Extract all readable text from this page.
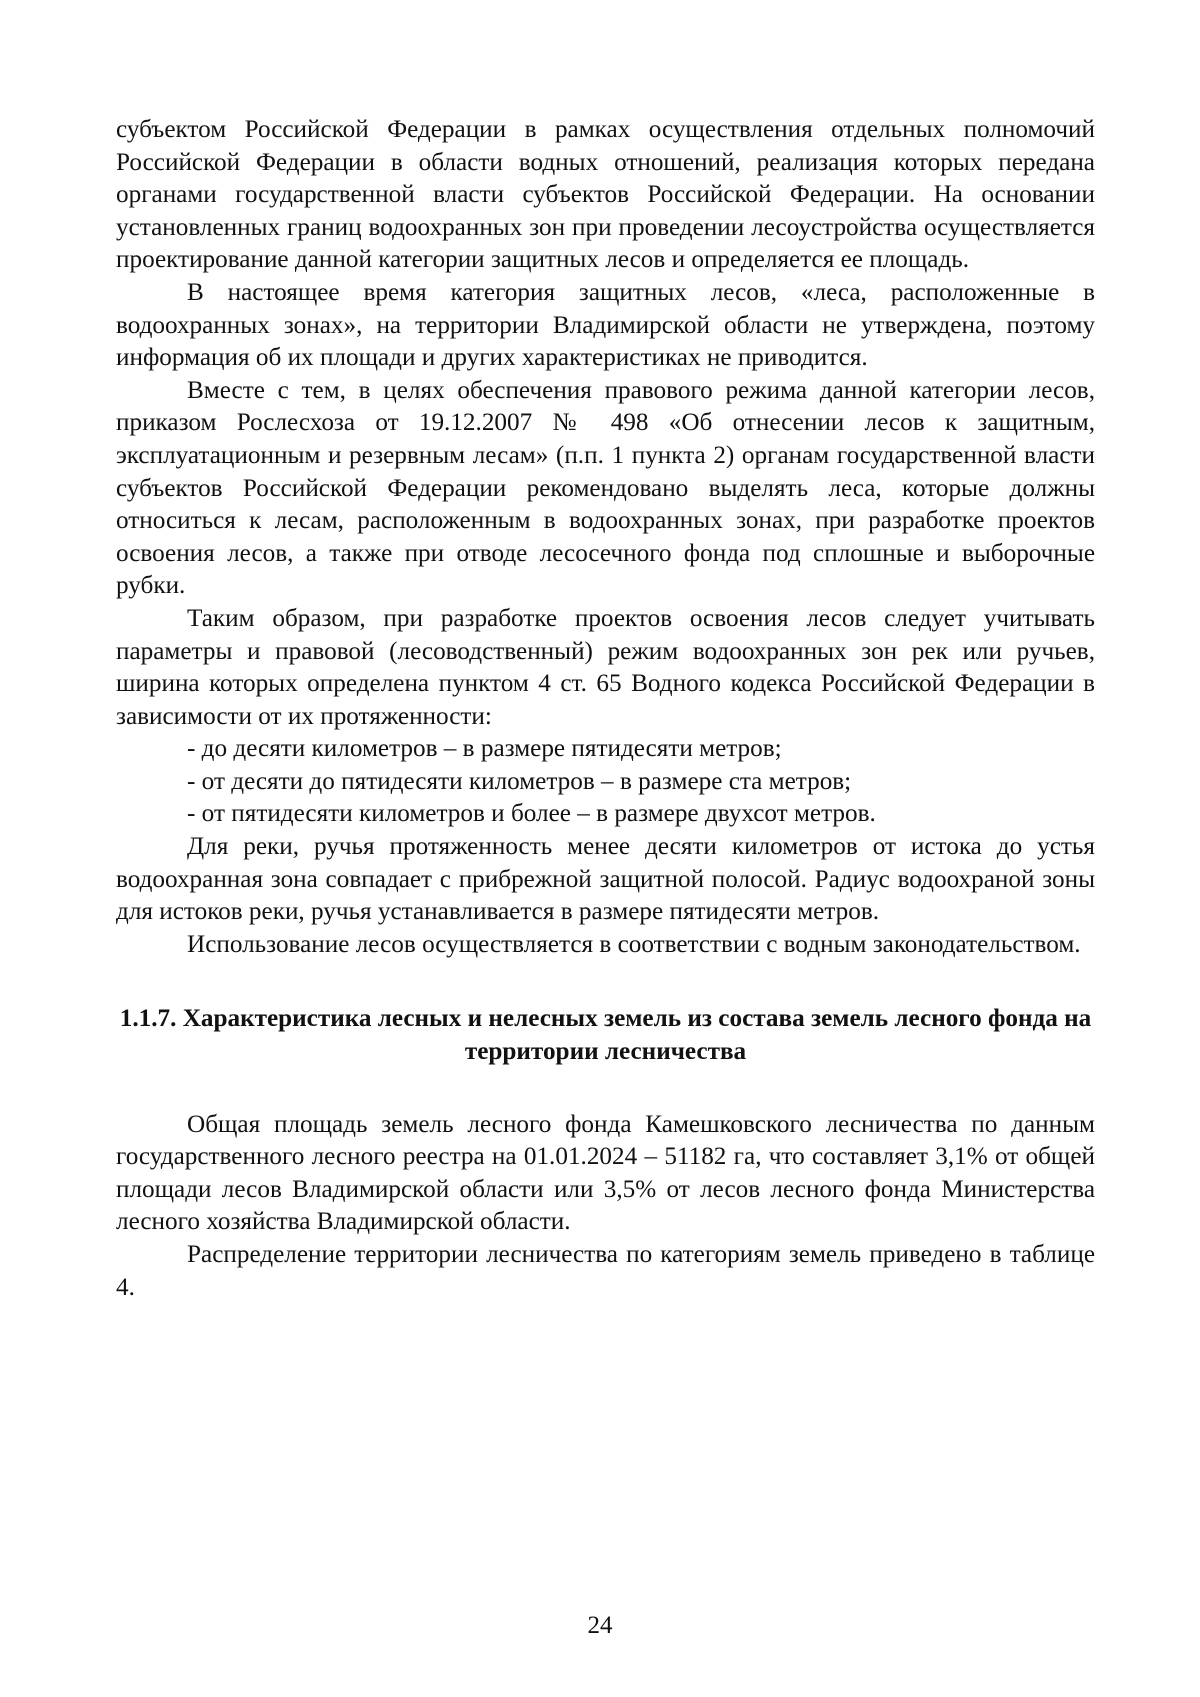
субъектом Российской Федерации в рамках осуществления отдельных полномочий Российской Федерации в области водных отношений, реализация которых передана органами государственной власти субъектов Российской Федерации. На основании установленных границ водоохранных зон при проведении лесоустройства осуществляется проектирование данной категории защитных лесов и определяется ее площадь.

В настоящее время категория защитных лесов, «леса, расположенные в водоохранных зонах», на территории Владимирской области не утверждена, поэтому информация об их площади и других характеристиках не приводится.

Вместе с тем, в целях обеспечения правового режима данной категории лесов, приказом Рослесхоза от 19.12.2007 № 498 «Об отнесении лесов к защитным, эксплуатационным и резервным лесам» (п.п. 1 пункта 2) органам государственной власти субъектов Российской Федерации рекомендовано выделять леса, которые должны относиться к лесам, расположенным в водоохранных зонах, при разработке проектов освоения лесов, а также при отводе лесосечного фонда под сплошные и выборочные рубки.

Таким образом, при разработке проектов освоения лесов следует учитывать параметры и правовой (лесоводственный) режим водоохранных зон рек или ручьев, ширина которых определена пунктом 4 ст. 65 Водного кодекса Российской Федерации в зависимости от их протяженности:

- до десяти километров – в размере пятидесяти метров;

- от десяти до пятидесяти километров – в размере ста метров;

- от пятидесяти километров и более – в размере двухсот метров.

Для реки, ручья протяженность менее десяти километров от истока до устья водоохранная зона совпадает с прибрежной защитной полосой. Радиус водоохраной зоны для истоков реки, ручья устанавливается в размере пятидесяти метров.

Использование лесов осуществляется в соответствии с водным законодательством.

1.1.7. Характеристика лесных и нелесных земель из состава земель лесного фонда на территории лесничества

Общая площадь земель лесного фонда Камешковского лесничества по данным государственного лесного реестра на 01.01.2024 – 51182 га, что составляет 3,1% от общей площади лесов Владимирской области или 3,5% от лесов лесного фонда Министерства лесного хозяйства Владимирской области.

Распределение территории лесничества по категориям земель приведено в таблице 4.

24
